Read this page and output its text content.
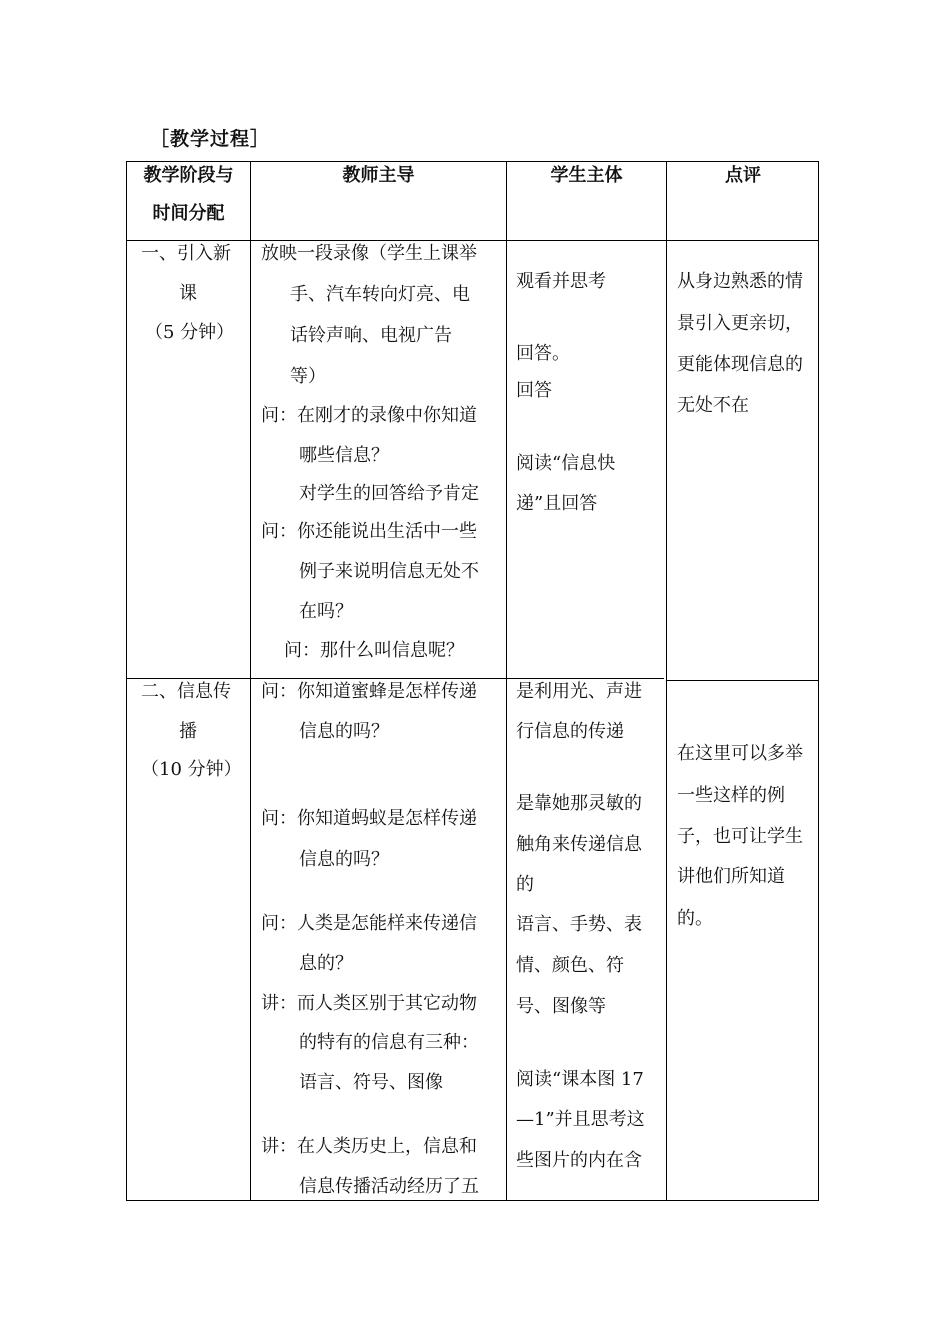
［教学过程］
教学阶段与
时间分配
教师主导	学生主体	点评
一、引入新
课
（5 分钟）
放映一段录像（学生上课举
手、汽车转向灯亮、电
话铃声响、电视广告
等）
问：在刚才的录像中你知道
哪些信息？
对学生的回答给予肯定
问：你还能说出生活中一些
例子来说明信息无处不
在吗？
问：那什么叫信息呢？
观看并思考
回答。
回答
阅读“信息快
递”且回答
从身边熟悉的情
景引入更亲切，
更能体现信息的
无处不在
二、信息传
播
（10 分钟）
问：你知道蜜蜂是怎样传递
信息的吗？
问：你知道蚂蚁是怎样传递
信息的吗？
问：人类是怎能样来传递信
息的？
讲：而人类区别于其它动物
的特有的信息有三种：
语言、符号、图像
讲：在人类历史上，信息和
信息传播活动经历了五
是利用光、声进
行信息的传递
是靠她那灵敏的
触角来传递信息
的
语言、手势、表
情、颜色、符
号、图像等
阅读“课本图 17
—1”并且思考这
些图片的内在含
在这里可以多举
一些这样的例
子，也可让学生
讲他们所知道
的。
